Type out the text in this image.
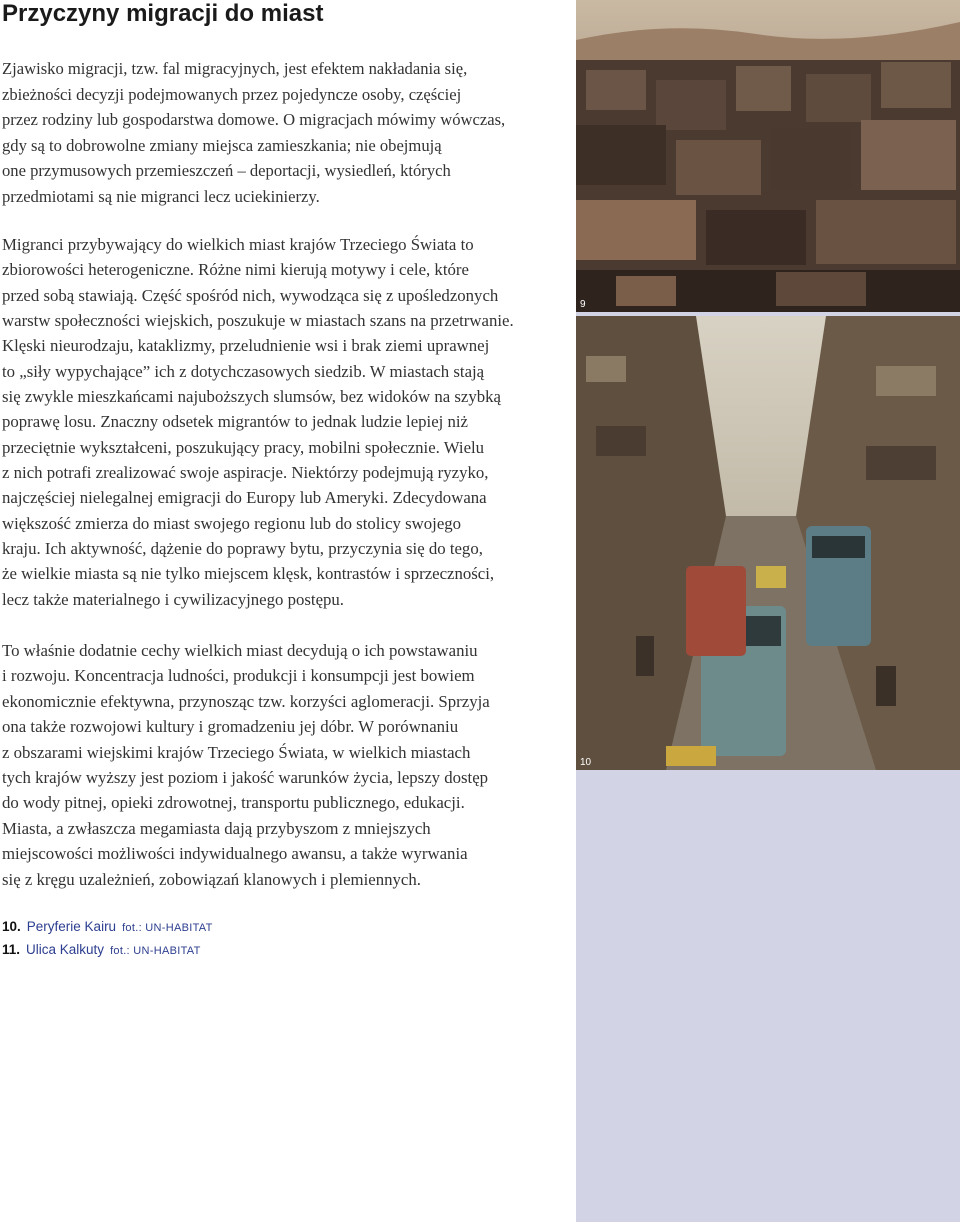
Przyczyny migracji do miast
Zjawisko migracji, tzw. fal migracyjnych, jest efektem nakładania się,
zbieżności decyzji podejmowanych przez pojedyncze osoby, częściej
przez rodziny lub gospodarstwa domowe. O migracjach mówimy wówczas,
gdy są to dobrowolne zmiany miejsca zamieszkania; nie obejmują
one przymusowych przemieszczeń – deportacji, wysiedleń, których
przedmiotami są nie migranci lecz uciekinierzy.
Migranci przybywający do wielkich miast krajów Trzeciego Świata to
zbiorowości heterogeniczne. Różne nimi kierują motywy i cele, które
przed sobą stawiają. Część spośród nich, wywodząca się z upośledzonych
warstw społeczności wiejskich, poszukuje w miastach szans na przetrwanie.
Klęski nieurodzaju, kataklizmy, przeludnienie wsi i brak ziemi uprawnej
to „siły wypychające” ich z dotychczasowych siedzib. W miastach stają
się zwykle mieszkańcami najuboższych slumsów, bez widoków na szybką
poprawę losu. Znaczny odsetek migrantów to jednak ludzie lepiej niż
przeciętnie wykształceni, poszukujący pracy, mobilni społecznie. Wielu
z nich potrafi zrealizować swoje aspiracje. Niektórzy podejmują ryzyko,
najczęściej nielegalnej emigracji do Europy lub Ameryki. Zdecydowana
większość zmierza do miast swojego regionu lub do stolicy swojego
kraju. Ich aktywność, dążenie do poprawy bytu, przyczynia się do tego,
że wielkie miasta są nie tylko miejscem klęsk, kontrastów i sprzeczności,
lecz także materialnego i cywilizacyjnego postępu.
To właśnie dodatnie cechy wielkich miast decydują o ich powstawaniu
i rozwoju. Koncentracja ludności, produkcji i konsumpcji jest bowiem
ekonomicznie efektywna, przynosząc tzw. korzyści aglomeracji. Sprzyja
ona także rozwojowi kultury i gromadzeniu jej dóbr. W porównaniu
z obszarami wiejskimi krajów Trzeciego Świata, w wielkich miastach
tych krajów wyższy jest poziom i jakość warunków życia, lepszy dostęp
do wody pitnej, opieki zdrowotnej, transportu publicznego, edukacji.
Miasta, a zwłaszcza megamiasta dają przybyszom z mniejszych
miejscowości możliwości indywidualnego awansu, a także wyrwania
się z kręgu uzależnień, zobowiązań klanowych i plemiennych.
10. Peryferie Kairu fot.: UN-HABITAT
11. Ulica Kalkuty fot.: UN-HABITAT
9
10
